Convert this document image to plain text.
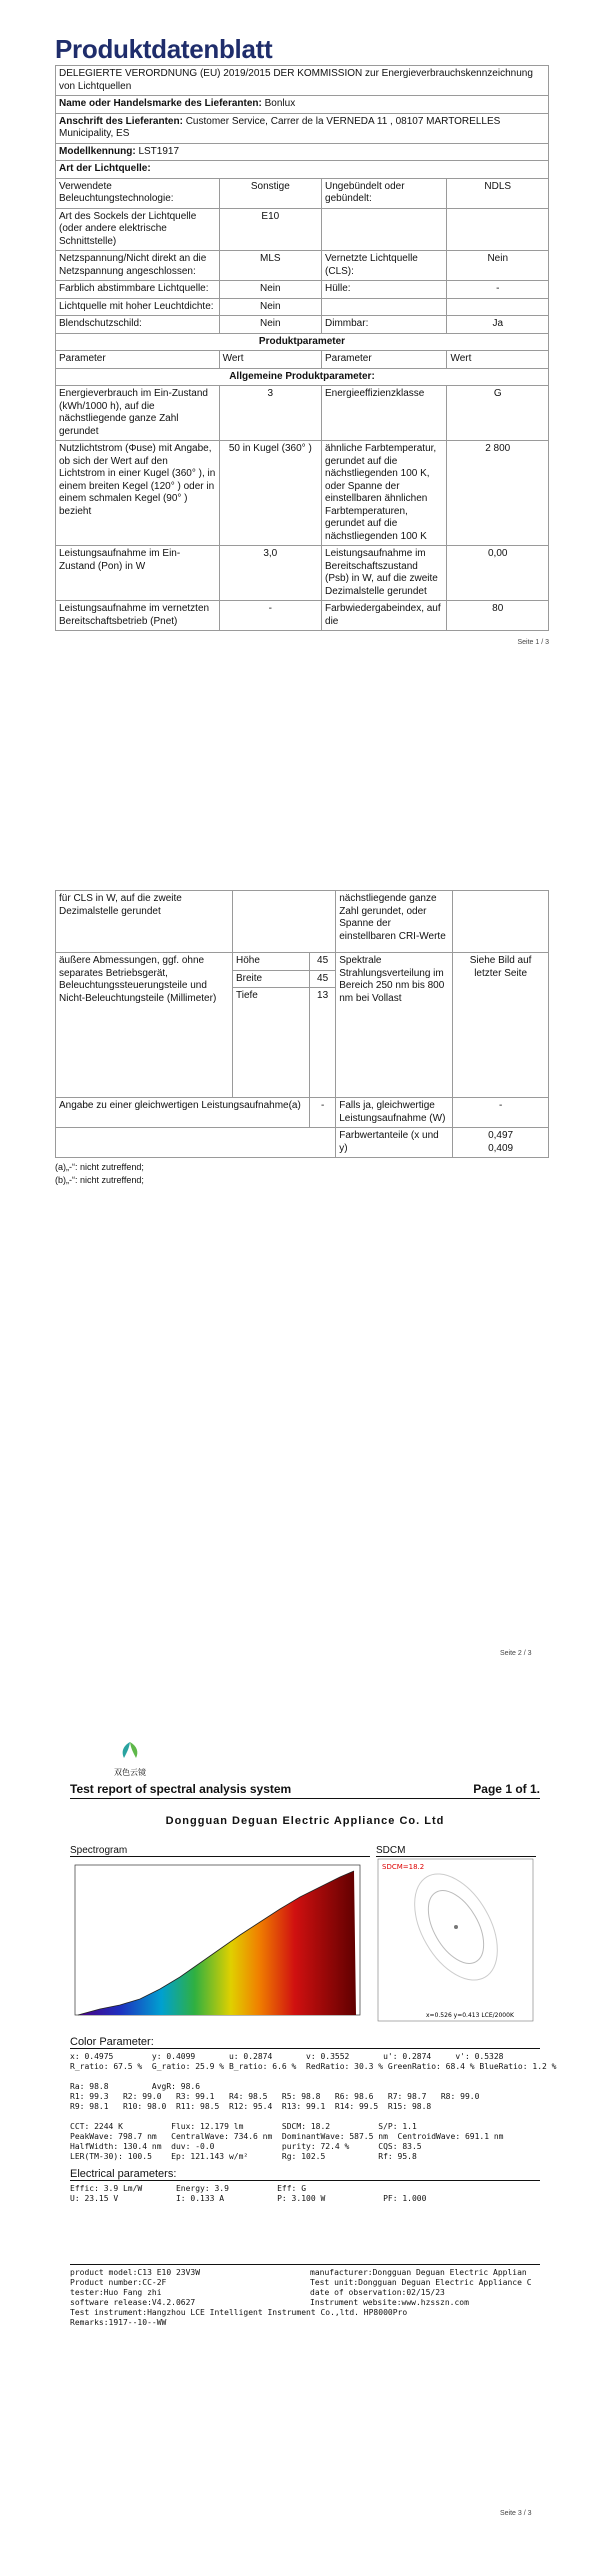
Produktdatenblatt
DELEGIERTE VERORDNUNG (EU) 2019/2015 DER KOMMISSION zur Energieverbrauchskennzeichnung von Lichtquellen			
Name oder Handelsmarke des Lieferanten: Bonlux			
Anschrift des Lieferanten: Customer Service, Carrer de la VERNEDA 11 , 08107 MARTORELLES Municipality, ES			
Modellkennung: LST1917			
Art der Lichtquelle:			
Verwendete Beleuchtungstechnologie:	Sonstige	Ungebündelt oder gebündelt:	NDLS
Art des Sockels der Lichtquelle (oder andere elektrische Schnittstelle)	E10		
Netzspannung/Nicht direkt an die Netzspannung angeschlossen:	MLS	Vernetzte Lichtquelle (CLS):	Nein
Farblich abstimmbare Lichtquelle:	Nein	Hülle:	-
Lichtquelle mit hoher Leuchtdichte:	Nein		
Blendschutzschild:	Nein	Dimmbar:	Ja
Produktparameter			
Parameter	Wert	Parameter	Wert
Allgemeine Produktparameter:			
Energieverbrauch im Ein-Zustand (kWh/1000 h), auf die nächstliegende ganze Zahl gerundet	3	Energieeffizienzklasse	G
Nutzlichtstrom (Φuse) mit Angabe, ob sich der Wert auf den Lichtstrom in einer Kugel (360° ), in einem breiten Kegel (120° ) oder in einem schmalen Kegel (90° ) bezieht	50 in Kugel (360° )	ähnliche Farbtemperatur, gerundet auf die nächstliegenden 100 K, oder Spanne der einstellbaren ähnlichen Farbtemperaturen, gerundet auf die nächstliegenden 100 K	2 800
Leistungsaufnahme im Ein-Zustand (Pon) in W	3,0	Leistungsaufnahme im Bereitschaftszustand (Psb) in W, auf die zweite Dezimalstelle gerundet	0,00
Leistungsaufnahme im vernetzten Bereitschaftsbetrieb (Pnet)	-	Farbwiedergabeindex, auf die	80
Seite 1 / 3
für CLS in W, auf die zweite Dezimalstelle gerundet			nächstliegende ganze Zahl gerundet, oder Spanne der einstellbaren CRI-Werte	
äußere Abmessungen, ggf. ohne separates Betriebsgerät, Beleuchtungssteuerungsteile und Nicht-Beleuchtungsteile (Millimeter)	Höhe	45	Spektrale Strahlungsverteilung im Bereich 250 nm bis 800 nm bei Vollast	Siehe Bild auf letzter Seite
	Breite	45		
	Tiefe	13		
Angabe zu einer gleichwertigen Leistungsaufnahme(a)		-	Falls ja, gleichwertige Leistungsaufnahme (W)	-
			Farbwertanteile (x und y)	0,497
0,409
(a)„-“: nicht zutreffend;
(b)„-“: nicht zutreffend;
Seite 2 / 3
双色云镜
Test report of spectral analysis system	Page 1 of 1.
Dongguan Deguan Electric Appliance Co. Ltd
Spectrogram	SDCM
SDCM=18.2
x=0.526 y=0.413 LCE/2000K
Color Parameter:
x: 0.4975        y: 0.4099       u: 0.2874       v: 0.3552       u': 0.2874     v': 0.5328
R_ratio: 67.5 %  G_ratio: 25.9 % B_ratio: 6.6 %  RedRatio: 30.3 % GreenRatio: 68.4 % BlueRatio: 1.2 %
Ra: 98.8         AvgR: 98.6
R1: 99.3   R2: 99.0   R3: 99.1   R4: 98.5   R5: 98.8   R6: 98.6   R7: 98.7   R8: 99.0
R9: 98.1   R10: 98.0  R11: 98.5  R12: 95.4  R13: 99.1  R14: 99.5  R15: 98.8
CCT: 2244 K          Flux: 12.179 lm        SDCM: 18.2          S/P: 1.1
PeakWave: 798.7 nm   CentralWave: 734.6 nm  DominantWave: 587.5 nm  CentroidWave: 691.1 nm
HalfWidth: 130.4 nm  duv: -0.0              purity: 72.4 %      CQS: 83.5
LER(TM-30): 100.5    Ep: 121.143 w/m²       Rg: 102.5           Rf: 95.8
Electrical parameters:
Effic: 3.9 Lm/W       Energy: 3.9          Eff: G
U: 23.15 V            I: 0.133 A           P: 3.100 W            PF: 1.000
product model:C13 E10 23V3W
Product number:CC-2F
tester:Huo Fang zhi
software release:V4.2.0627
Test instrument:Hangzhou LCE Intelligent Instrument Co.,ltd. HP8000Pro
Remarks:1917--10--WW
manufacturer:Dongguan Deguan Electric Applian
Test unit:Dongguan Deguan Electric Appliance C
date of observation:02/15/23
Instrument website:www.hzsszn.com
Seite 3 / 3
